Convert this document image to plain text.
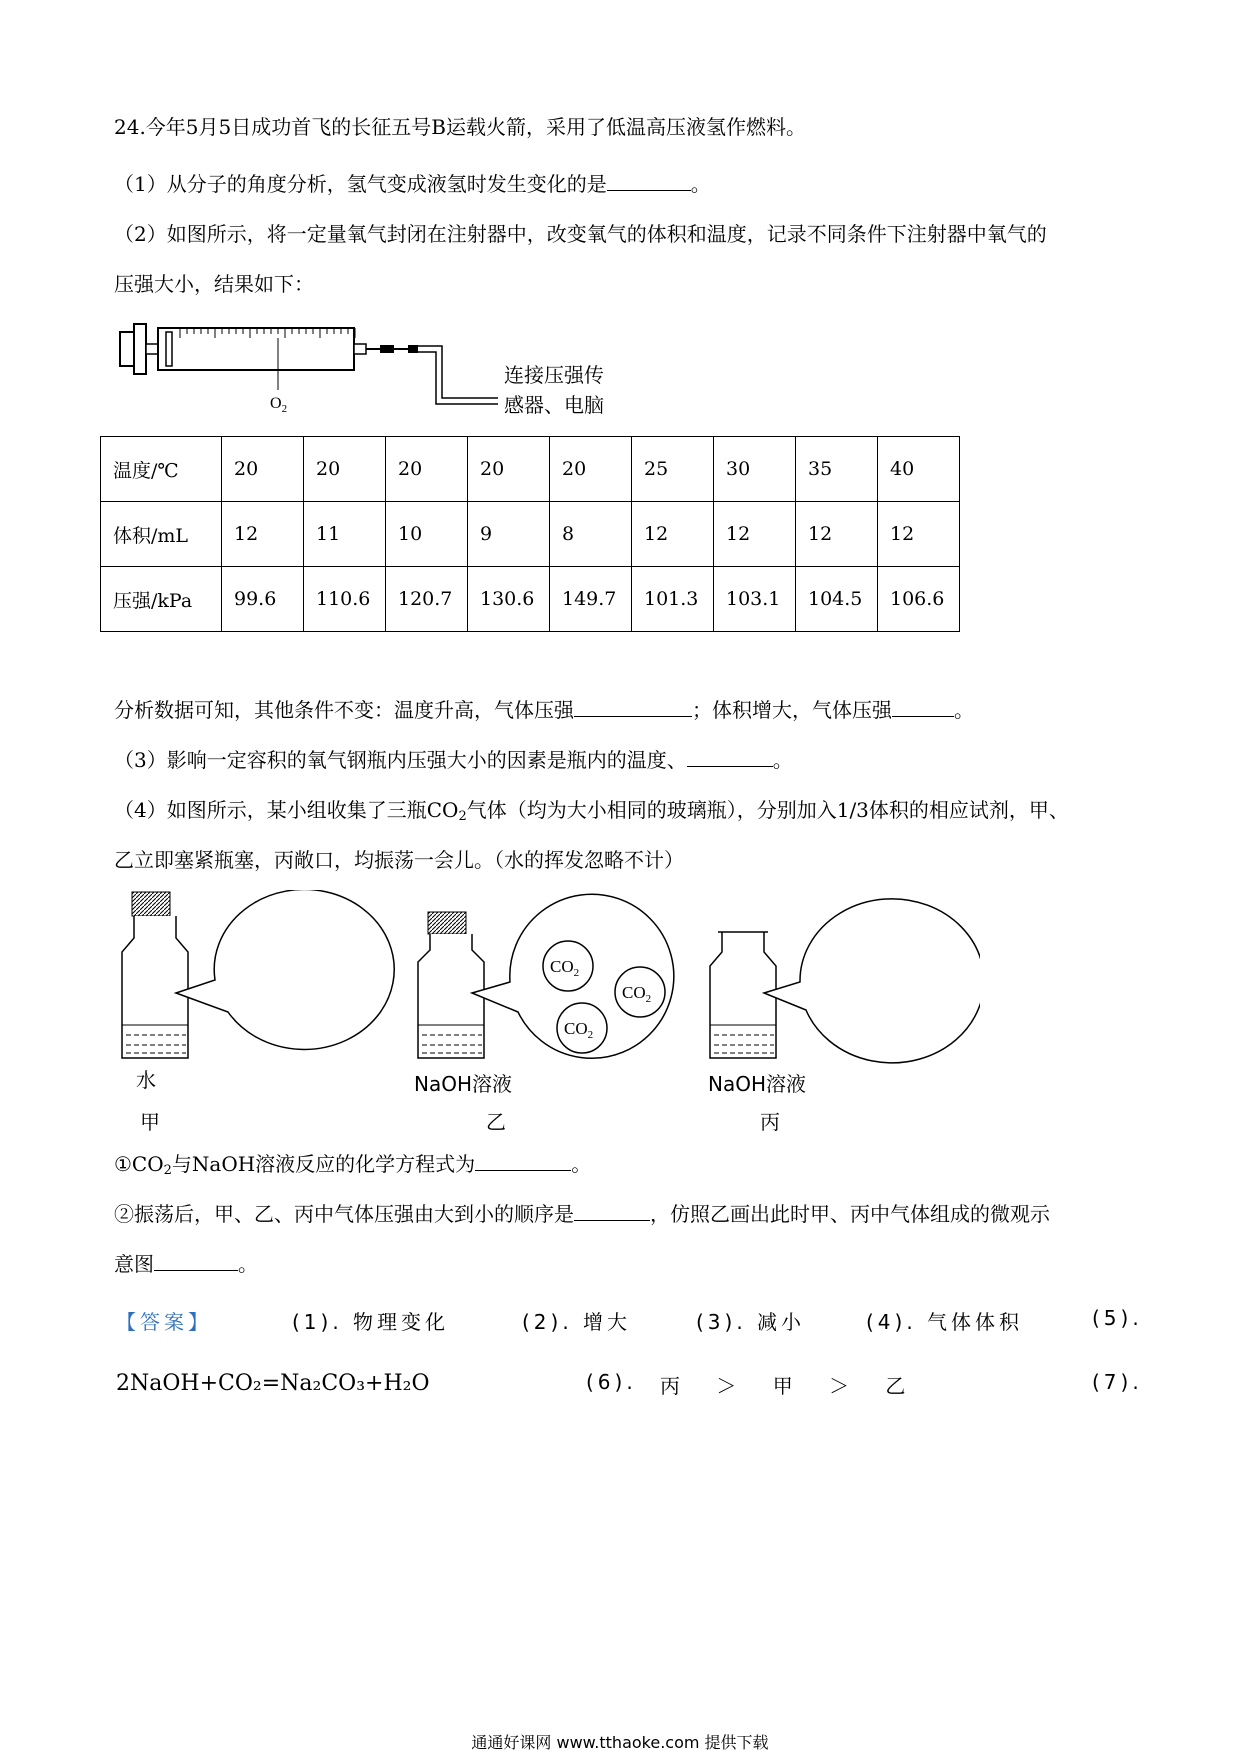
24.今年5月5日成功首飞的长征五号B运载火箭，采用了低温高压液氢作燃料。
（1）从分子的角度分析，氢气变成液氢时发生变化的是	。
（2）如图所示，将一定量氧气封闭在注射器中，改变氧气的体积和温度，记录不同条件下注射器中氧气的
压强大小，结果如下：
$O_2$
连接压强传
感器、电脑
温度/℃	20	20	20	20	20	25	30	35	40
体积/mL	12	11	10	9	8	12	12	12	12
压强/kPa	99.6	110.6	120.7	130.6	149.7	101.3	103.1	104.5	106.6
分析数据可知，其他条件不变：温度升高，气体压强	；体积增大，气体压强	。
（3）影响一定容积的氧气钢瓶内压强大小的因素是瓶内的温度、	。
（4）如图所示，某小组收集了三瓶$CO_2$气体（均为大小相同的玻璃瓶），分别加入1/3体积的相应试剂，甲、
乙立即塞紧瓶塞，丙敞口，均振荡一会儿。（水的挥发忽略不计）
$CO_2$
$CO_2$
$CO_2$
水
甲
NaOH溶液
乙
NaOH溶液
丙
$①CO_2$与NaOH溶液反应的化学方程式为	。
②振荡后，甲、乙、丙中气体压强由大到小的顺序是	，仿照乙画出此时甲、丙中气体组成的微观示
意图	。
【答案】	(1). 物理变化	(2). 增大	(3). 减小	(4). 气体体积	(5).
2NaOH+CO₂=Na₂CO₃+H₂O	(6). 丙 ＞ 甲 ＞ 乙	(7).
通通好课网 www.tthaoke.com 提供下载
